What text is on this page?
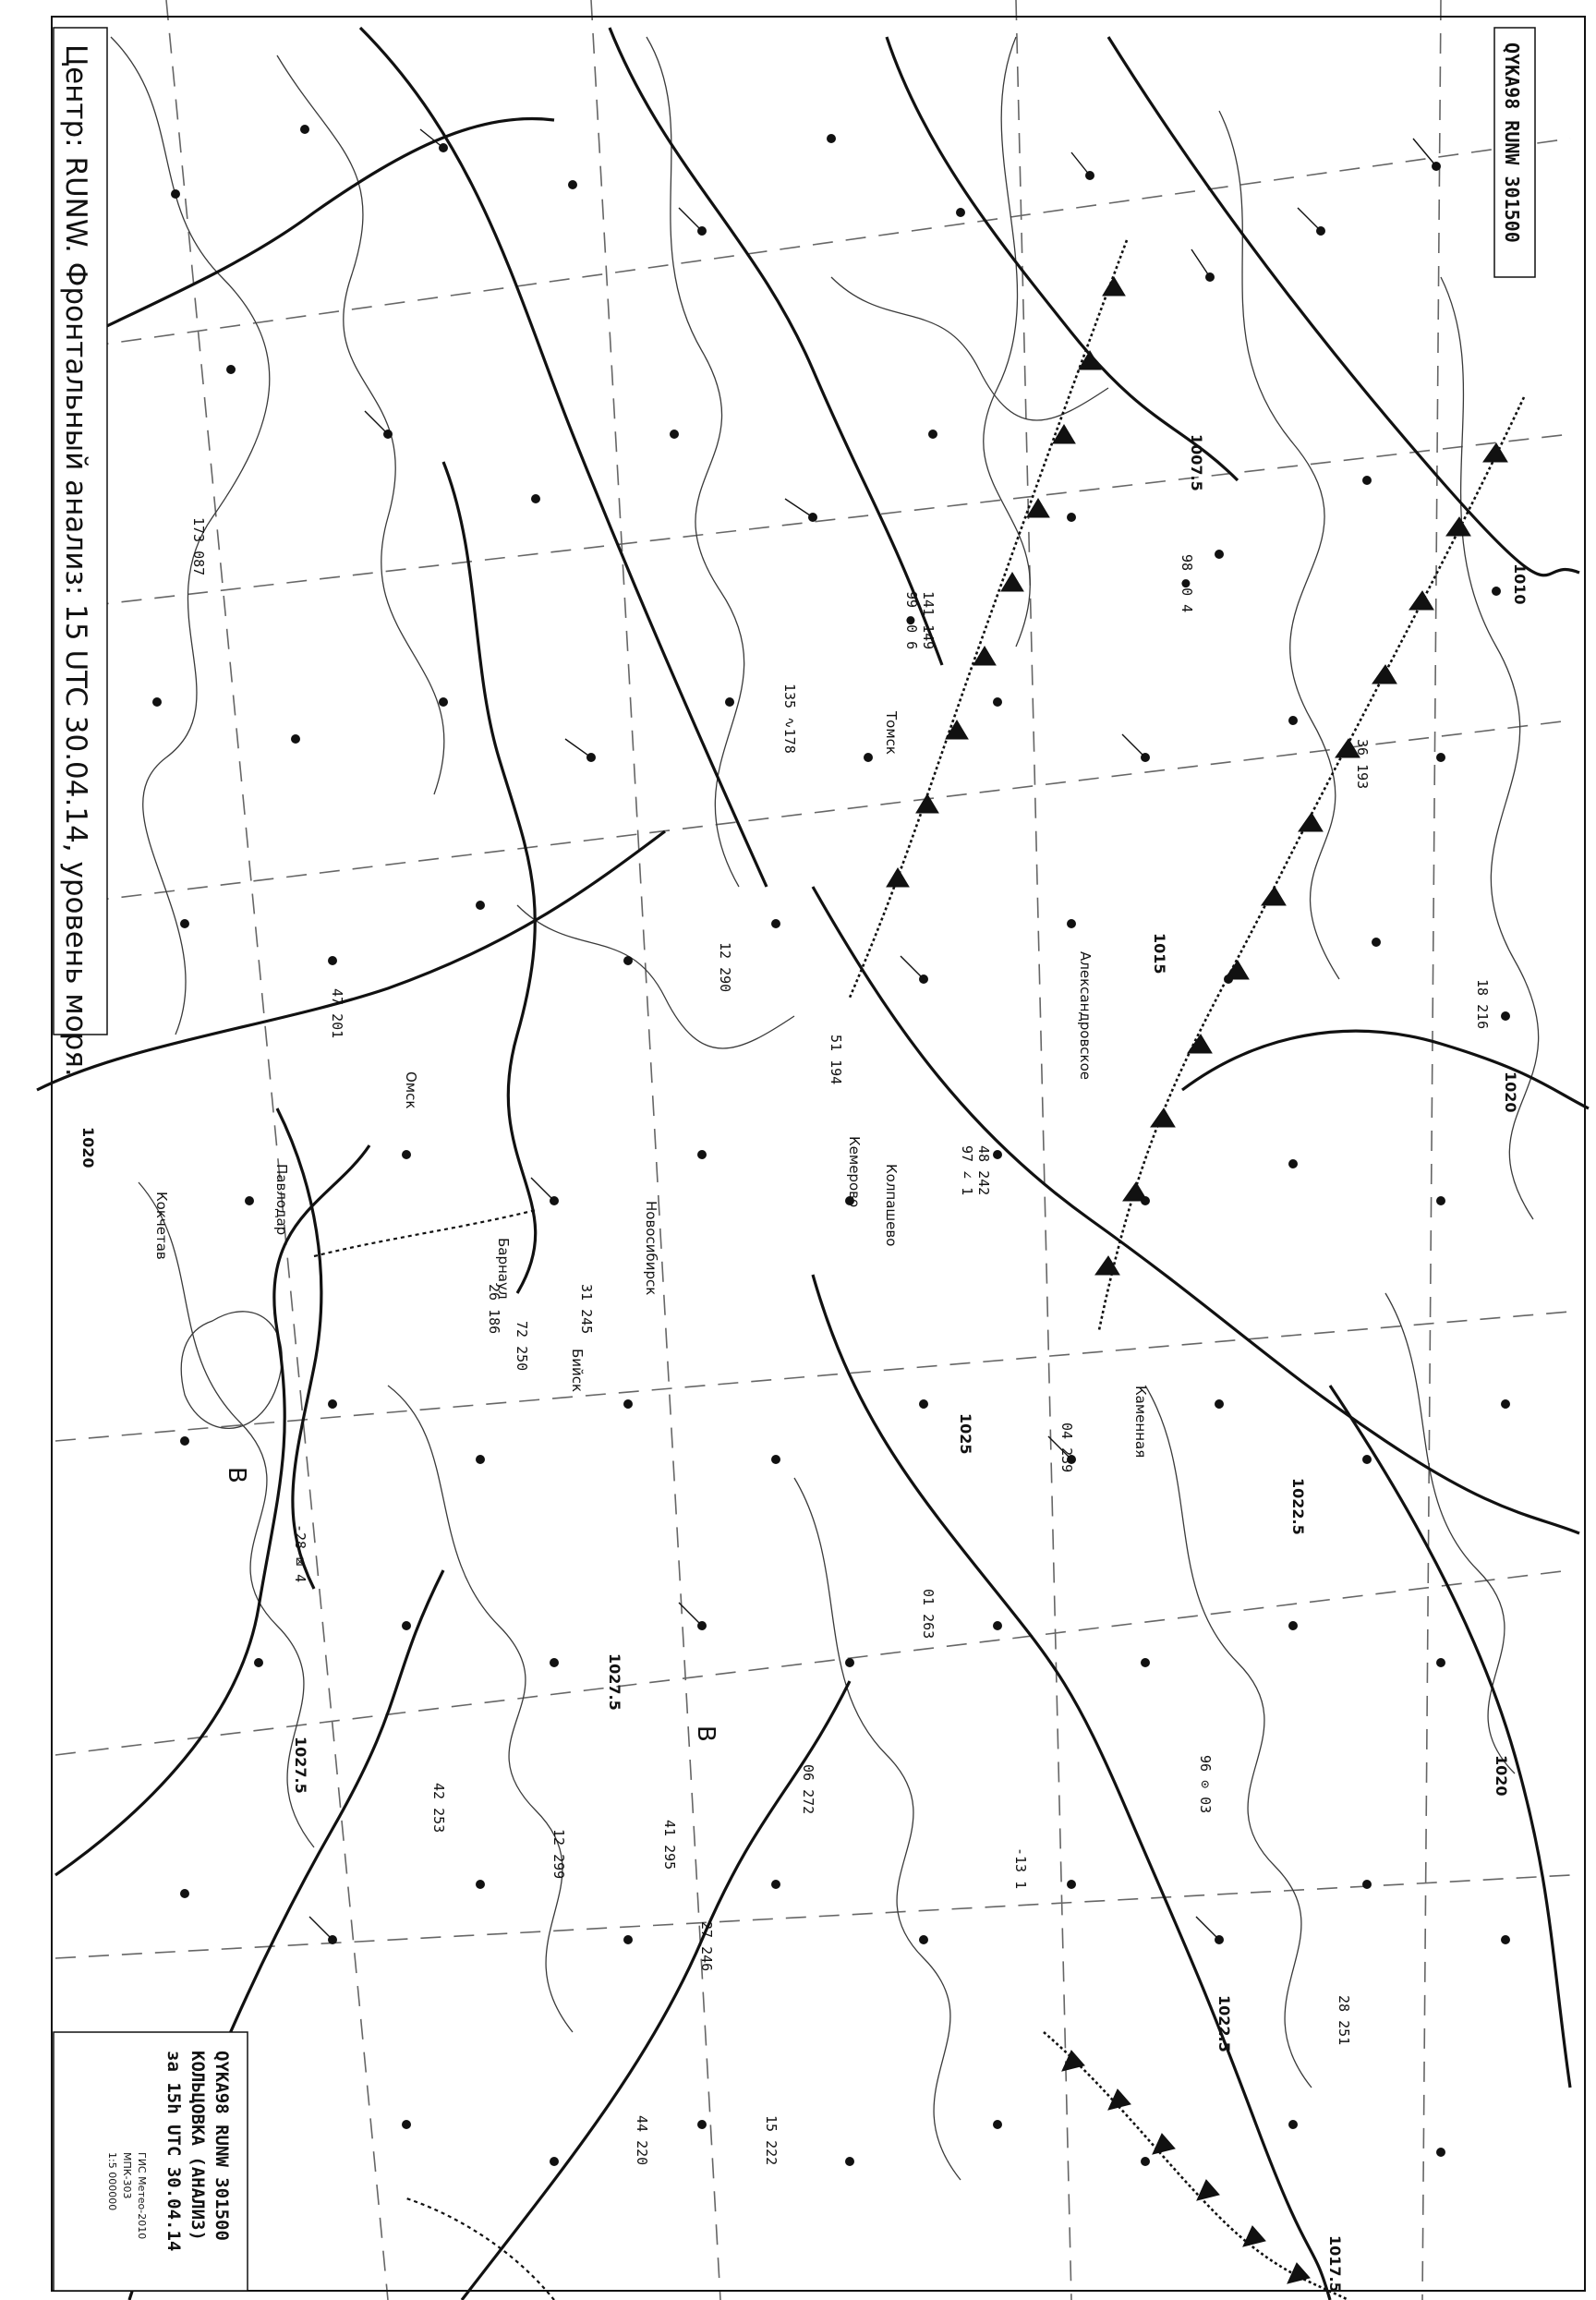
141 149
99 ●0 6
135 ∿178
12 290
48 242
97 ∠ 1
26 186
173 087
06 272
41 295
12 299
01 263
04 239
36 193
28 251
18 216
51 194
47 201
72 250
31 245
42 253
27 246
15 222
44 220
96 ⊙ 03
98 ●0 4
-13 1
-28 ⊠ 4
Кемерово
Новосибирск
Томск
Омск
Барнаул
Александровское
Колпашево
Бийск
Каменная
Павлодар
Кокчетав
1007.5
1010
1015
1020
1022.5
1025
1027.5
1027.5
1022.5
1020
1017.5
1020
В
В
QYKA98 RUNW 301500
Центр: RUNW. Фронтальный анализ: 15 UTC 30.04.14, уровень моря.
QYKA98 RUNW 301500
КОЛЬЦОВКА (АНАЛИЗ)
за 15h UTC 30.04.14
ГИС Метео-2010
МПК-303
1:5 000000
